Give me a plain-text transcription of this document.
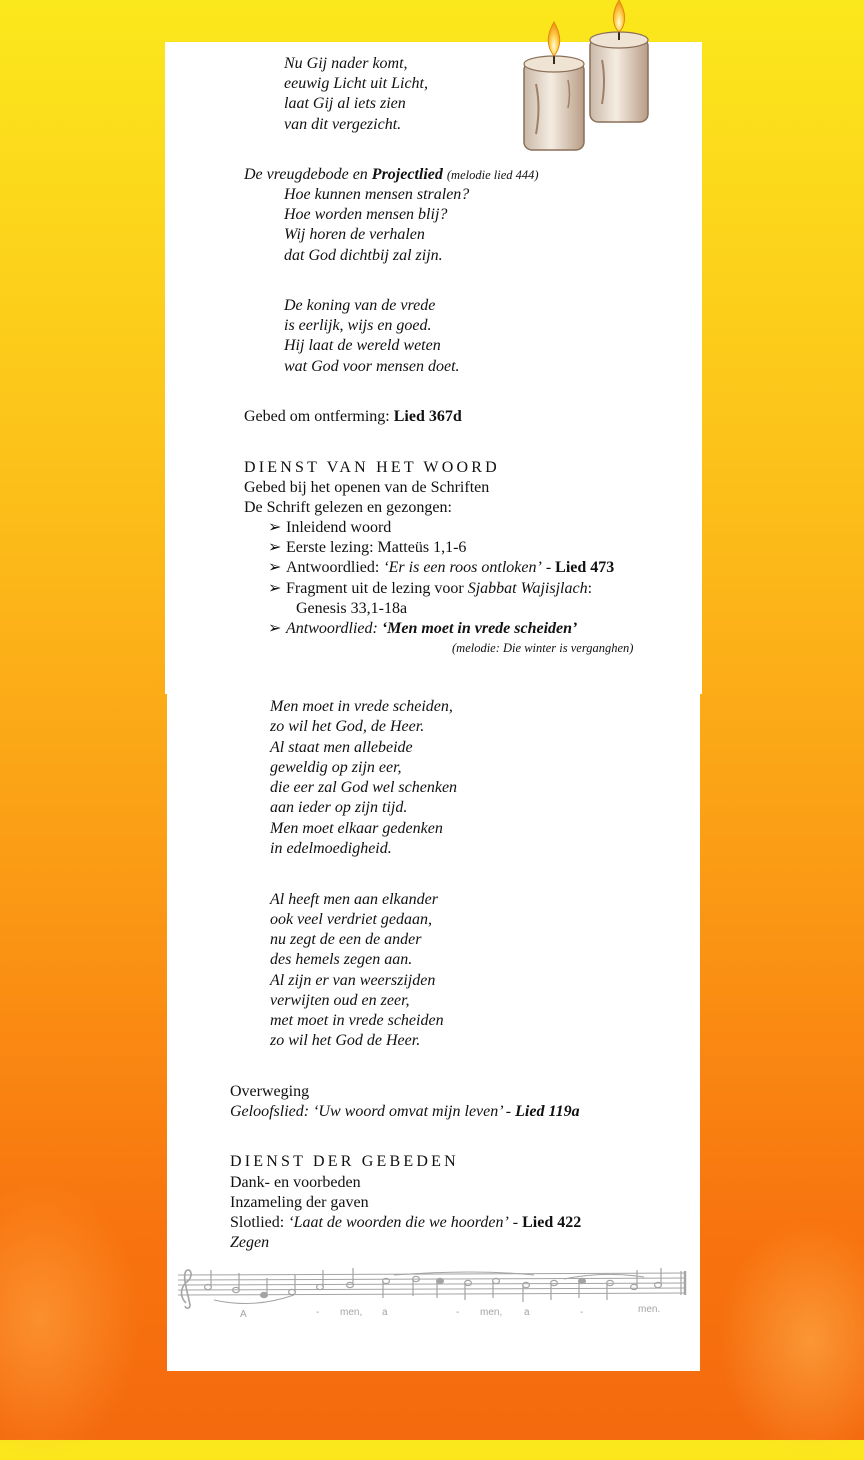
Nu Gij nader komt,
eeuwig Licht uit Licht,
laat Gij al iets zien
van dit vergezicht.
De vreugdebode en Projectlied (melodie lied 444)
Hoe kunnen mensen stralen?
Hoe worden mensen blij?
Wij horen de verhalen
dat God dichtbij zal zijn.
De koning van de vrede
is eerlijk, wijs en goed.
Hij laat de wereld weten
wat God voor mensen doet.
Gebed om ontferming: Lied 367d
DIENST VAN HET WOORD
Gebed bij het openen van de Schriften
De Schrift gelezen en gezongen:
➢ Inleidend woord
➢ Eerste lezing: Matteüs 1,1-6
➢ Antwoordlied: ‘Er is een roos ontloken’ - Lied 473
➢ Fragment uit de lezing voor Sjabbat Wajisjlach:
Genesis 33,1-18a
➢ Antwoordlied: ‘Men moet in vrede scheiden’
(melodie: Die winter is verganghen)
Men moet in vrede scheiden,
zo wil het God, de Heer.
Al staat men allebeide
geweldig op zijn eer,
die eer zal God wel schenken
aan ieder op zijn tijd.
Men moet elkaar gedenken
in edelmoedigheid.
Al heeft men aan elkander
ook veel verdriet gedaan,
nu zegt de een de ander
des hemels zegen aan.
Al zijn er van weerszijden
verwijten oud en zeer,
met moet in vrede scheiden
zo wil het God de Heer.
Overweging
Geloofslied: ‘Uw woord omvat mijn leven’ - Lied 119a
DIENST DER GEBEDEN
Dank- en voorbeden
Inzameling der gaven
Slotlied: ‘Laat de woorden die we hoorden’ - Lied 422
Zegen
A	- men, a	- men, a	-	men.
